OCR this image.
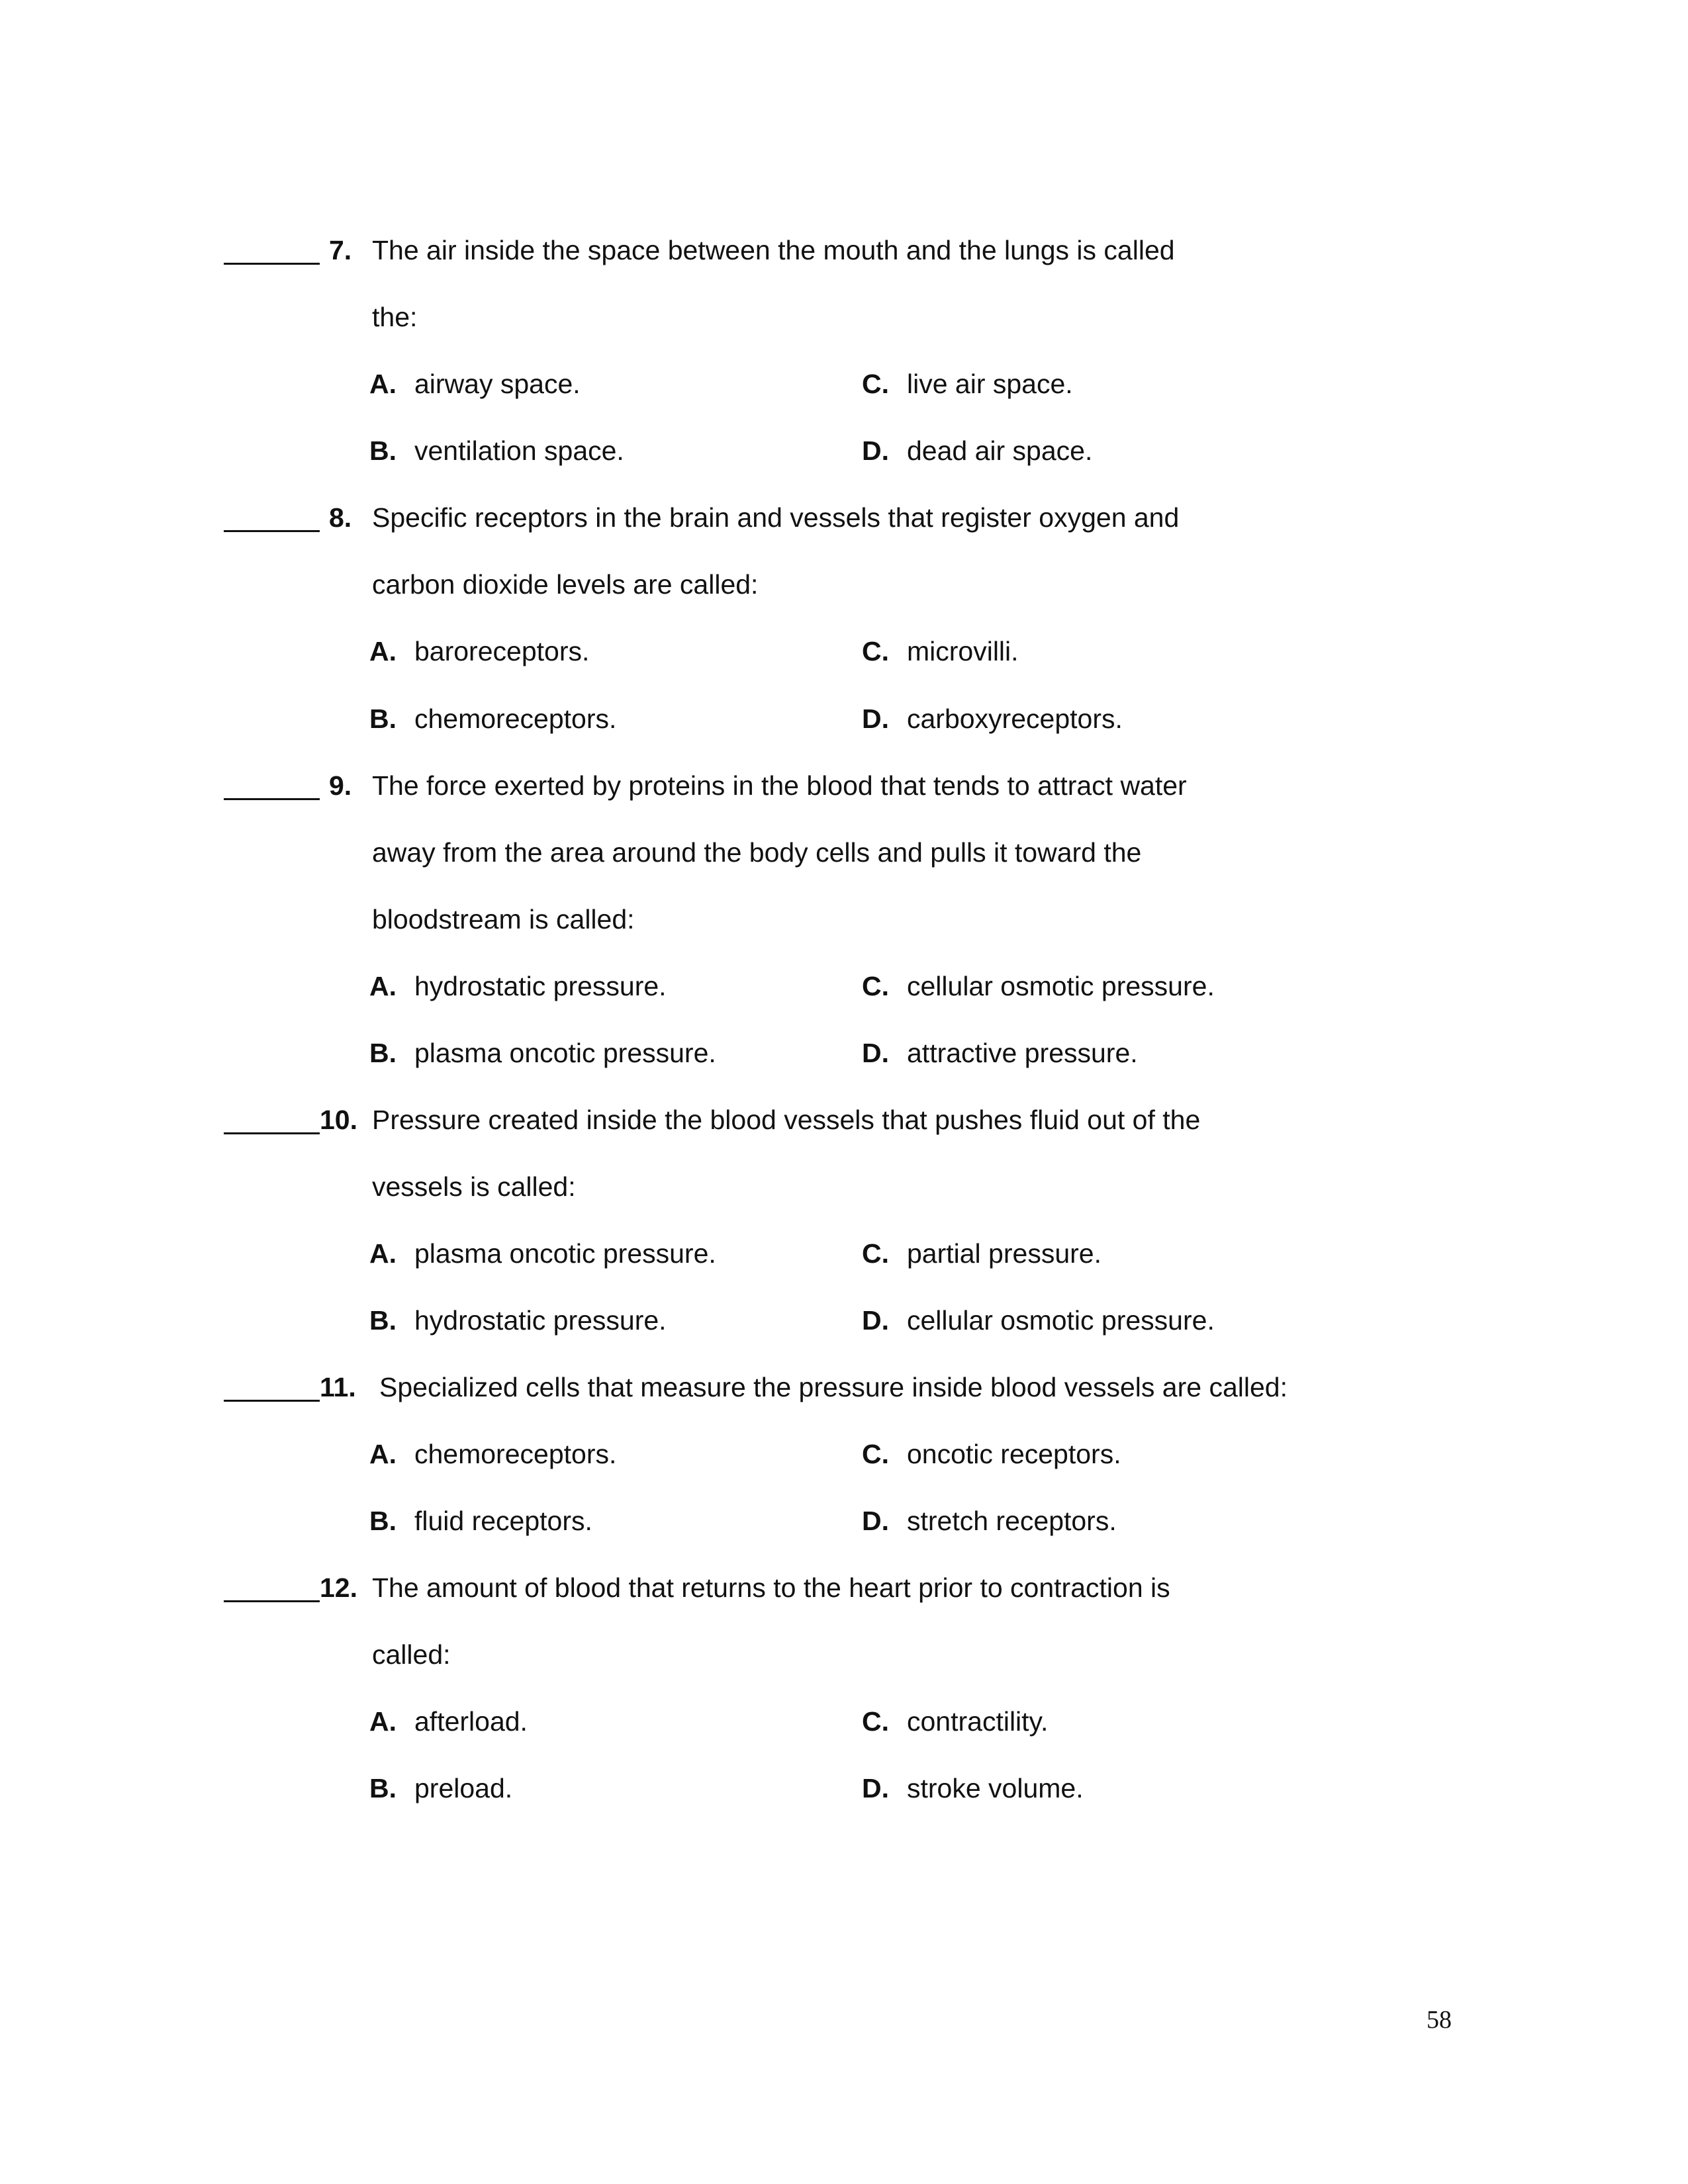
7. The air inside the space between the mouth and the lungs is called
the:
A. airway space.	C. live air space.
B. ventilation space.	D. dead air space.
8. Specific receptors in the brain and vessels that register oxygen and
carbon dioxide levels are called:
A. baroreceptors.	C. microvilli.
B. chemoreceptors.	D. carboxyreceptors.
9. The force exerted by proteins in the blood that tends to attract water
away from the area around the body cells and pulls it toward the
bloodstream is called:
A. hydrostatic pressure.	C. cellular osmotic pressure.
B. plasma oncotic pressure.	D. attractive pressure.
10. Pressure created inside the blood vessels that pushes fluid out of the
vessels is called:
A. plasma oncotic pressure.	C. partial pressure.
B. hydrostatic pressure.	D. cellular osmotic pressure.
11. Specialized cells that measure the pressure inside blood vessels are called:
A. chemoreceptors.	C. oncotic receptors.
B. fluid receptors.	D. stretch receptors.
12. The amount of blood that returns to the heart prior to contraction is
called:
A. afterload.	C. contractility.
B. preload.	D. stroke volume.
58
